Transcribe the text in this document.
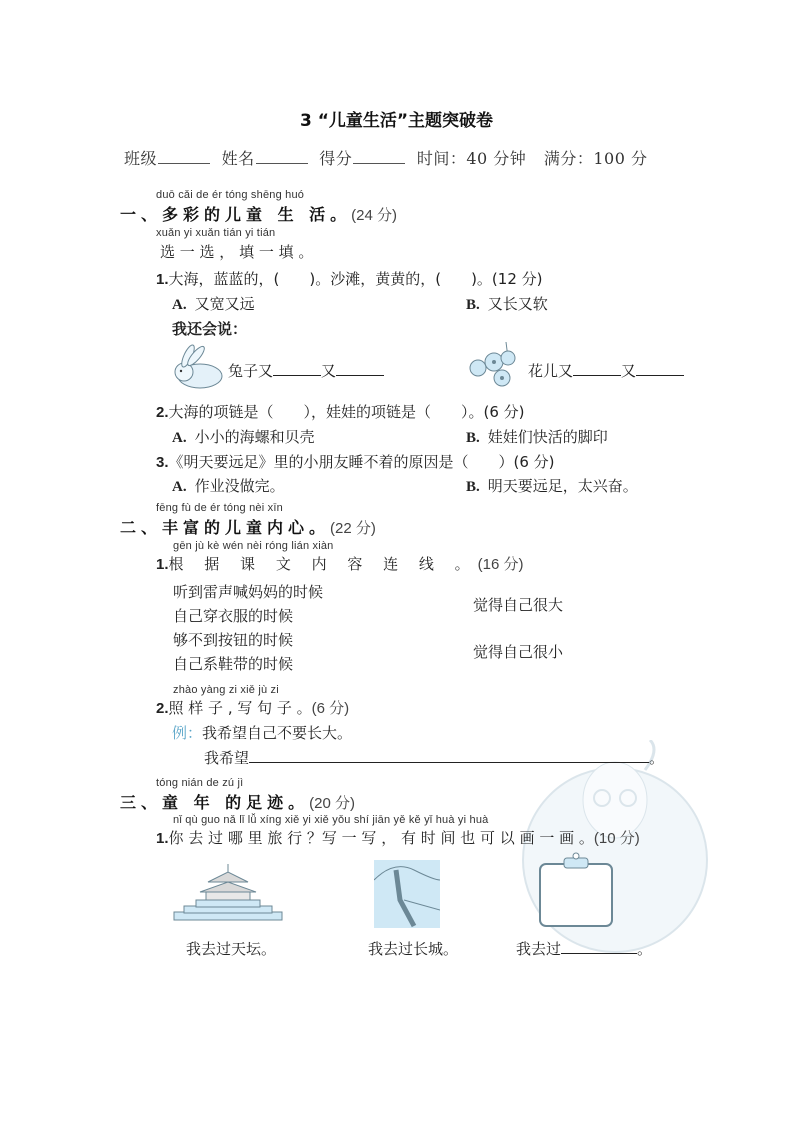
3 “儿童生活”主题突破卷
班级	姓名	得分	时间：40 分钟 满分：100 分
duō cǎi de ér tóng shēng huó
一、多彩的儿童 生 活。(24 分)
xuǎn yi xuǎn tián yi tián
选 一 选 ， 填 一 填 。
1.大海，蓝蓝的，(　　)。沙滩，黄黄的，(　　)。(12 分)
A. 又宽又远	B. 又长又软
我还会说：
兔子又	又	花儿又	又
2.大海的项链是（　　），娃娃的项链是（　　）。(6 分)
A. 小小的海螺和贝壳	B. 娃娃们快活的脚印
3.《明天要远足》里的小朋友睡不着的原因是（　　）(6 分)
A. 作业没做完。	B. 明天要远足，太兴奋。
fēng fù de ér tóng nèi xīn
二、丰富的儿童内心。(22 分)
gēn jù kè wén nèi róng lián xiàn
1.根 据 课 文 内 容 连 线 。(16 分)
听到雷声喊妈妈的时候
自己穿衣服的时候
够不到按钮的时候
自己系鞋带的时候
觉得自己很大
觉得自己很小
zhào yàng zi xiě jù zi
2.照 样 子 , 写 句 子 。(6 分)
例：我希望自己不要长大。
我希望	。
tóng nián de zú jì
三、童 年 的足迹。(20 分)
nǐ qù guo nǎ lǐ lǚ xíng xiě yi xiě yǒu shí jiān yě kě yǐ huà yi huà
1.你 去 过 哪 里 旅 行 ？写 一 写 ， 有 时 间 也 可 以 画 一 画 。(10 分)
我去过天坛。	我去过长城。	我去过	。
